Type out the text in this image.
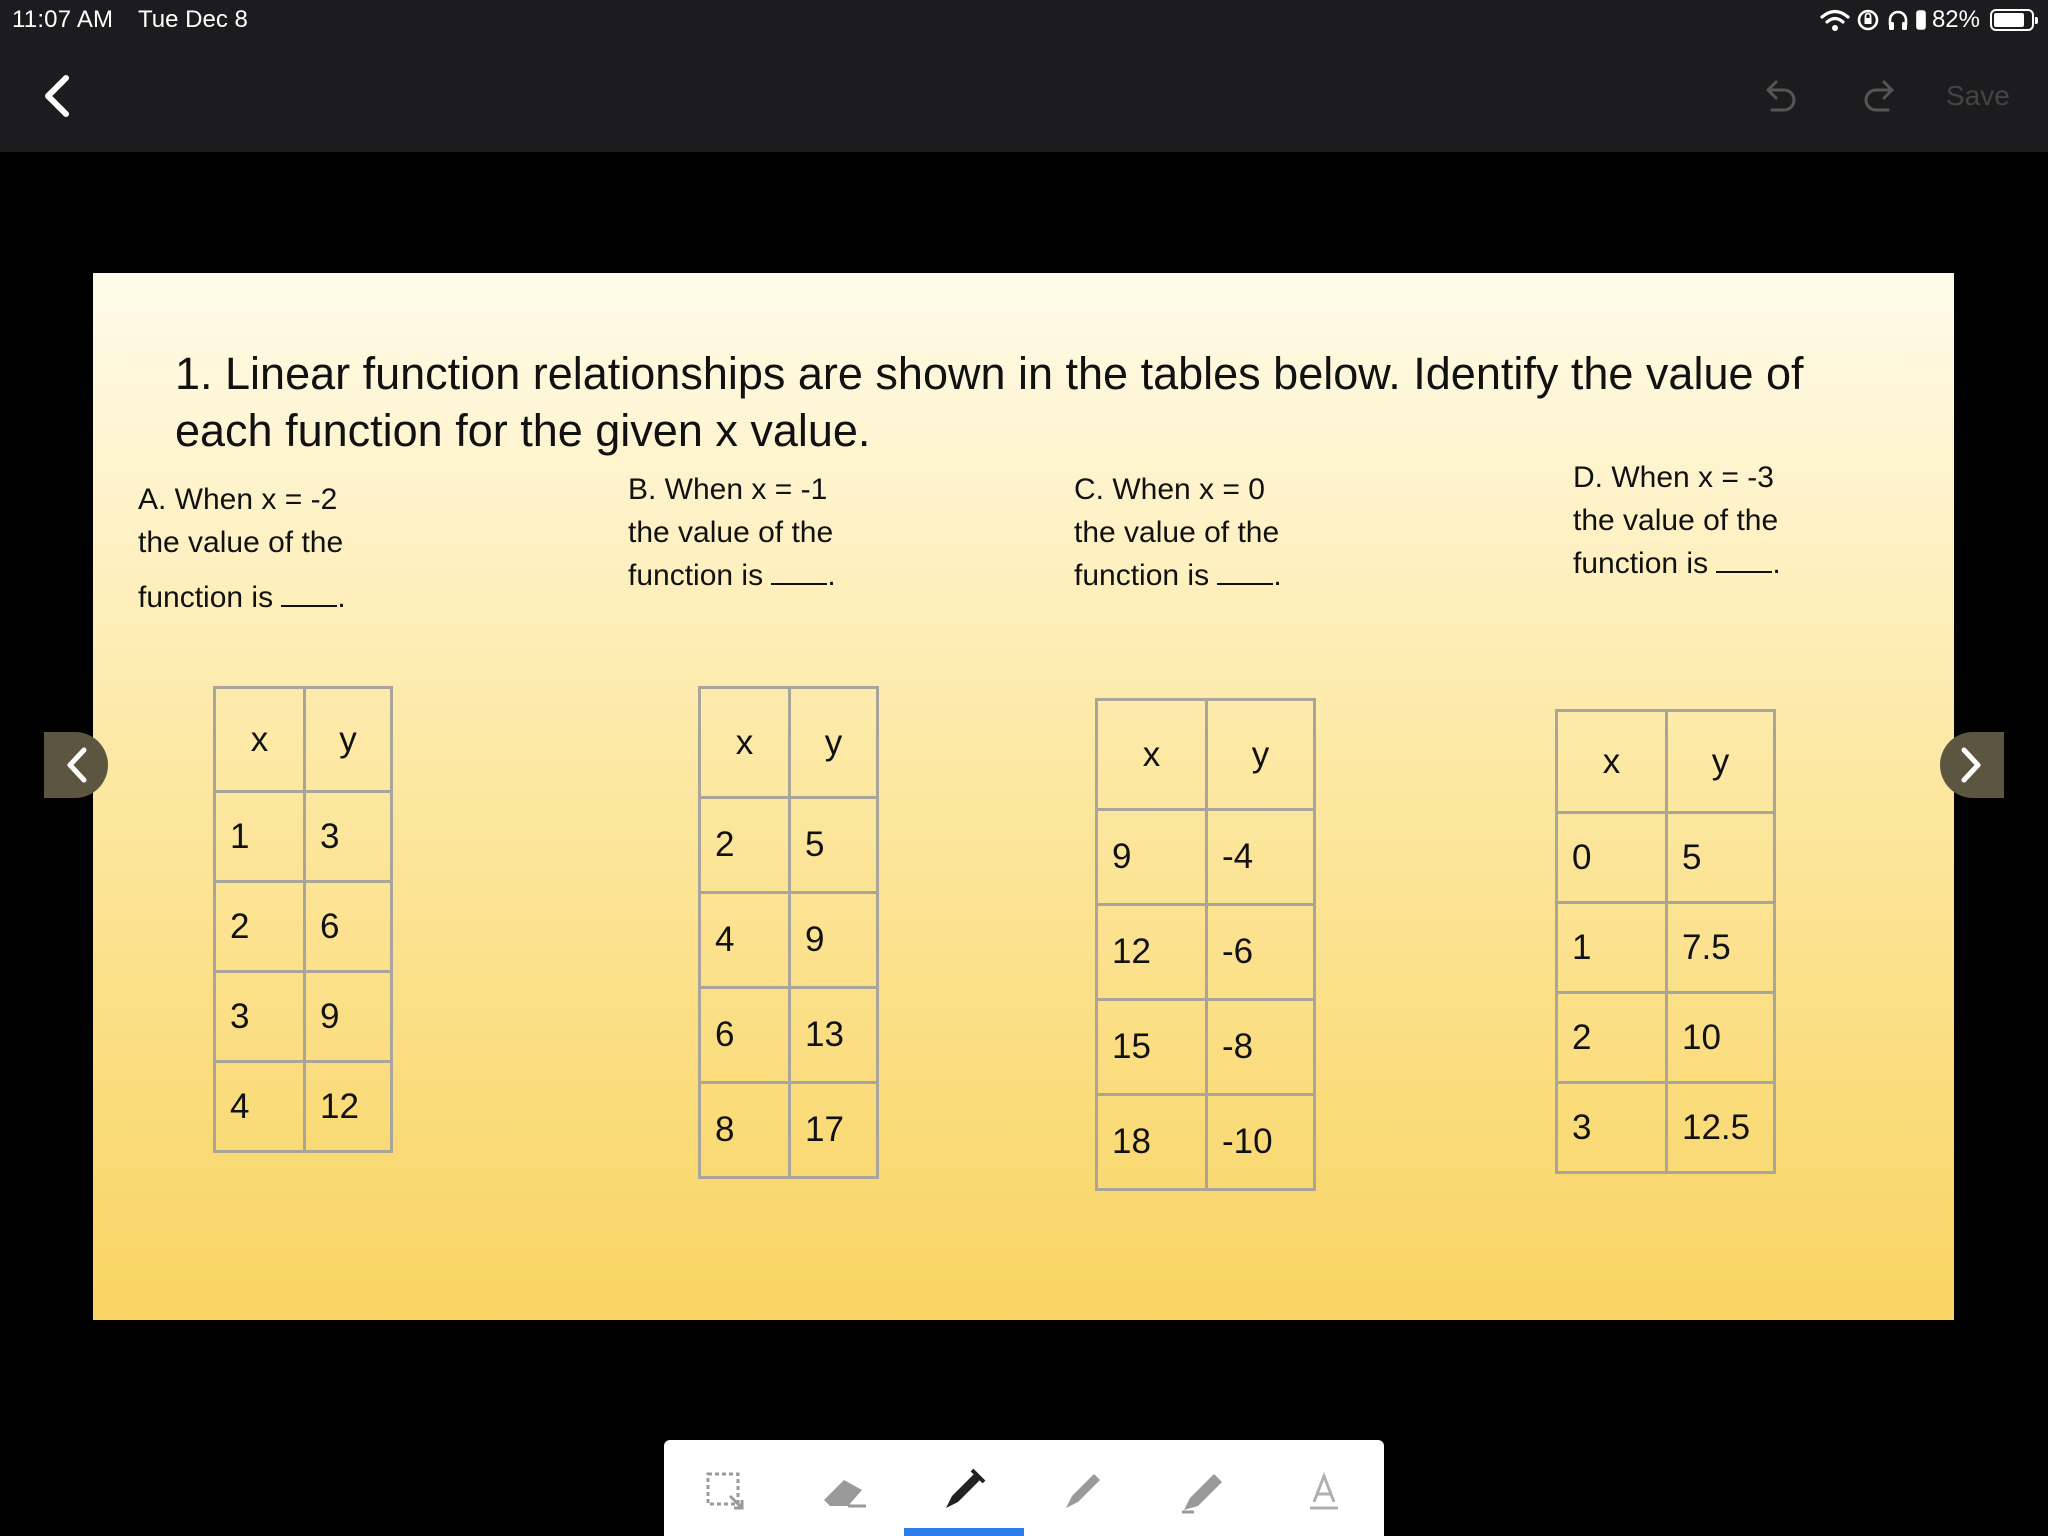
11:07 AM Tue Dec 8	82%
Save
1. Linear function relationships are shown in the tables below. Identify the value of
each function for the given x value.
A. When x = -2
the value of the
function is .
B. When x = -1
the value of the
function is .
C. When x = 0
the value of the
function is .
D. When x = -3
the value of the
function is .
x	y
1	3
2	6
3	9
4	12
x	y
2	5
4	9
6	13
8	17
x	y
9	-4
12	-6
15	-8
18	-10
x	y
0	5
1	7.5
2	10
3	12.5
